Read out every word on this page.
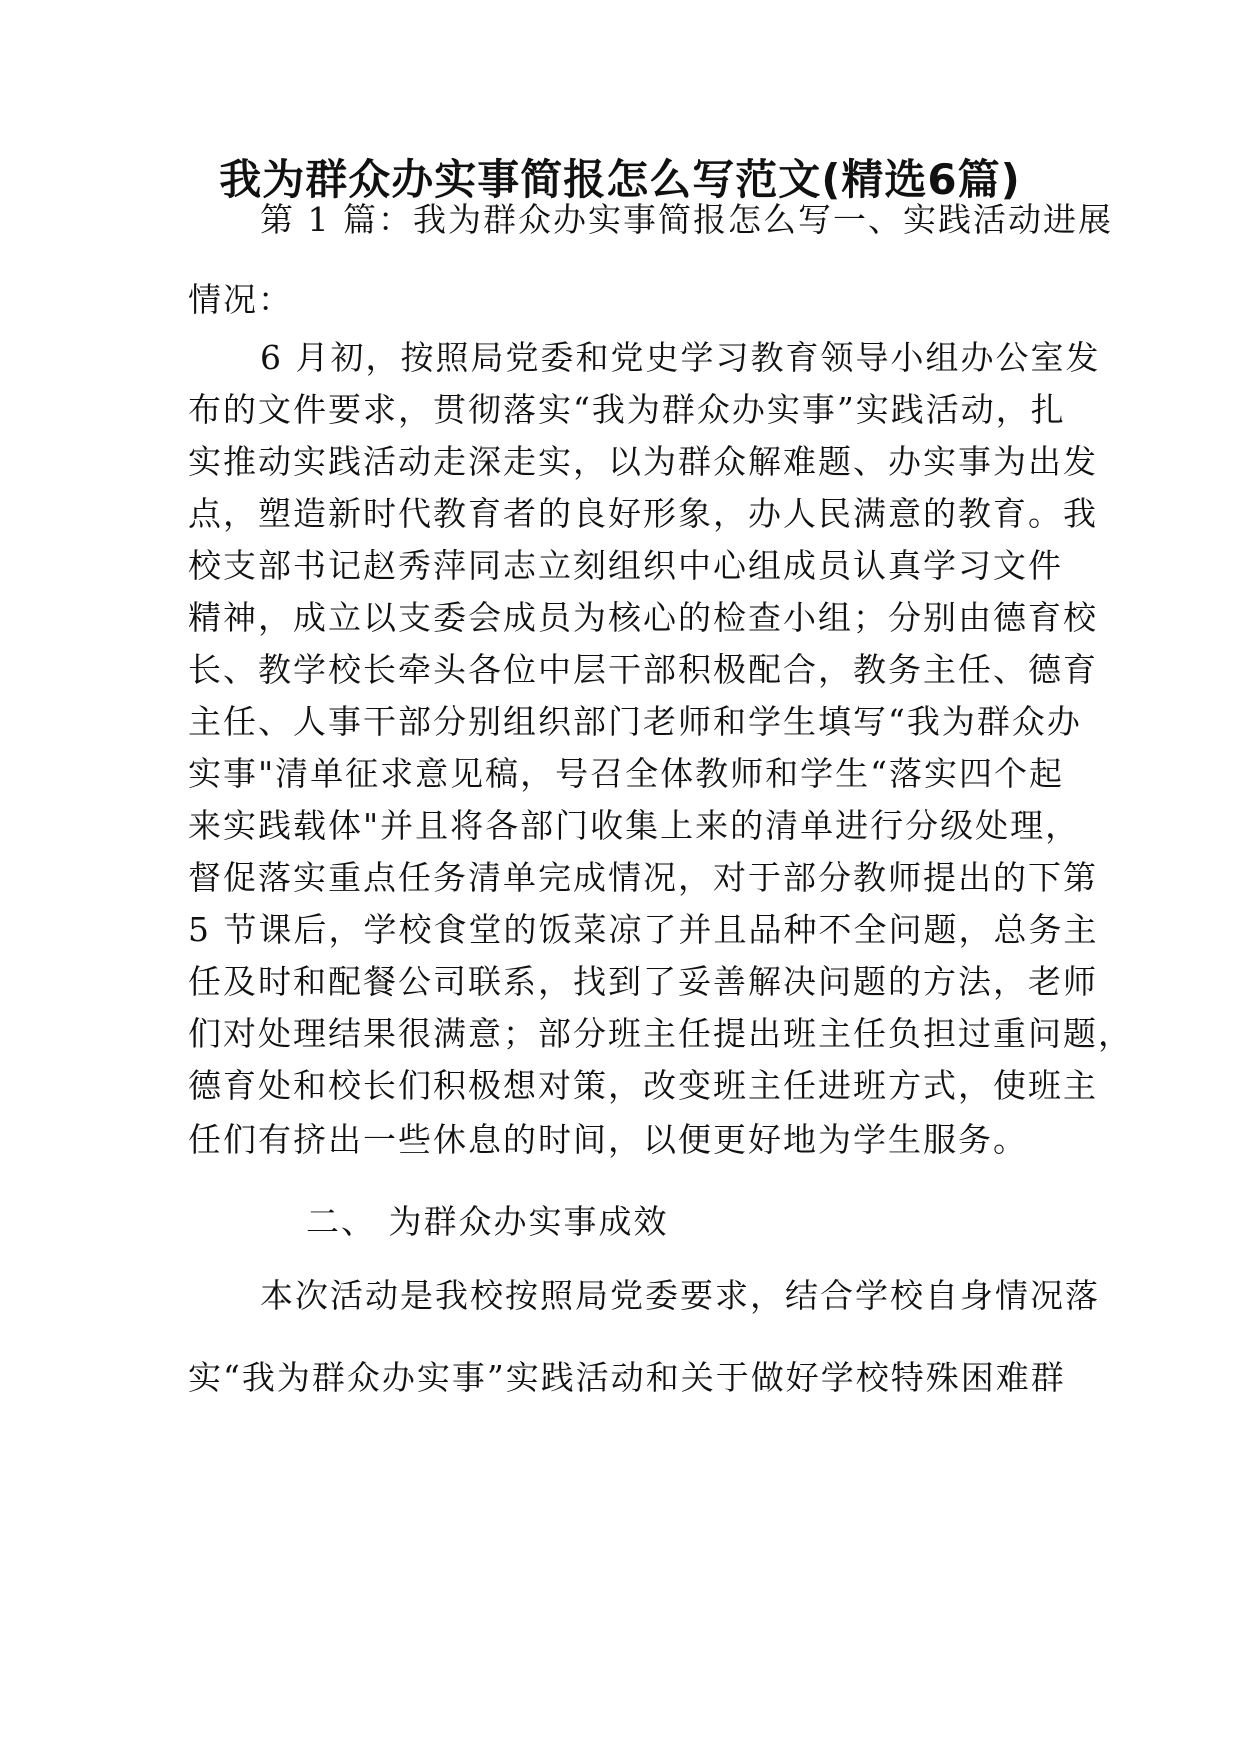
我为群众办实事简报怎么写范文(精选6篇)
第 1 篇：我为群众办实事简报怎么写一、实践活动进展
情况：
6 月初，按照局党委和党史学习教育领导小组办公室发
布的文件要求，贯彻落实“我为群众办实事”实践活动，扎
实推动实践活动走深走实，以为群众解难题、办实事为出发
点，塑造新时代教育者的良好形象，办人民满意的教育。我
校支部书记赵秀萍同志立刻组织中心组成员认真学习文件
精神，成立以支委会成员为核心的检查小组；分别由德育校
长、教学校长牵头各位中层干部积极配合，教务主任、德育
主任、人事干部分别组织部门老师和学生填写“我为群众办
实事"清单征求意见稿，号召全体教师和学生“落实四个起
来实践载体"并且将各部门收集上来的清单进行分级处理，
督促落实重点任务清单完成情况，对于部分教师提出的下第
5 节课后，学校食堂的饭菜凉了并且品种不全问题，总务主
任及时和配餐公司联系，找到了妥善解决问题的方法，老师
们对处理结果很满意；部分班主任提出班主任负担过重问题，
德育处和校长们积极想对策，改变班主任进班方式，使班主
任们有挤出一些休息的时间，以便更好地为学生服务。
二、 为群众办实事成效
本次活动是我校按照局党委要求，结合学校自身情况落
实“我为群众办实事”实践活动和关于做好学校特殊困难群
